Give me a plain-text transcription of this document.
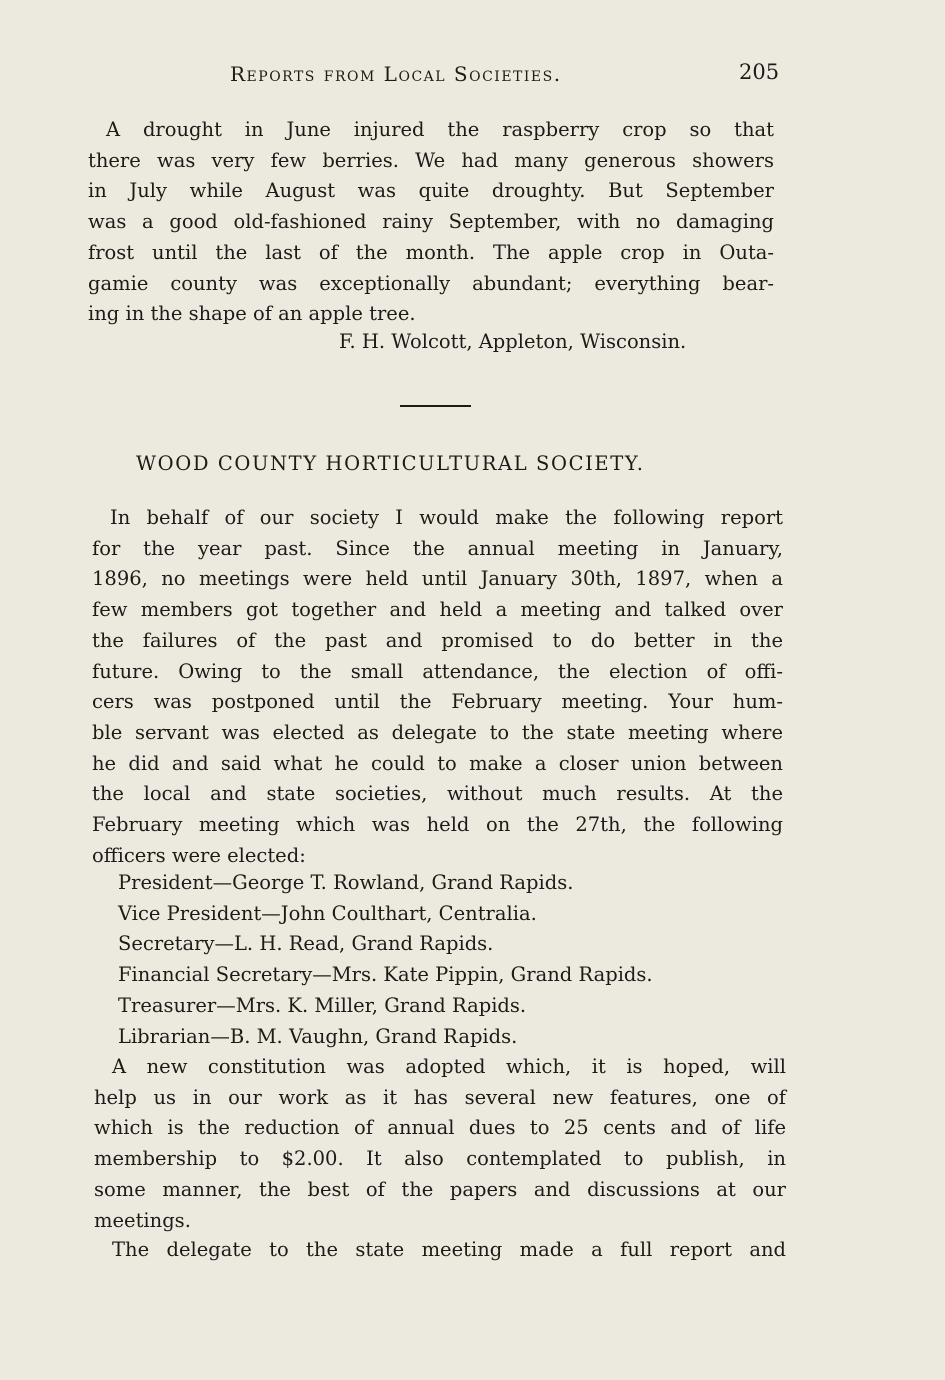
Reports from Local Societies.	205

A drought in June injured the raspberry crop so that
there was very few berries. We had many generous showers
in July while August was quite droughty. But September
was a good old-fashioned rainy September, with no damaging
frost until the last of the month. The apple crop in Outa-
gamie county was exceptionally abundant; everything bear-
ing in the shape of an apple tree.

F. H. Wolcott, Appleton, Wisconsin.
WOOD COUNTY HORTICULTURAL SOCIETY.

In behalf of our society I would make the following report
for the year past. Since the annual meeting in January,
1896, no meetings were held until January 30th, 1897, when a
few members got together and held a meeting and talked over
the failures of the past and promised to do better in the
future. Owing to the small attendance, the election of offi-
cers was postponed until the February meeting. Your hum-
ble servant was elected as delegate to the state meeting where
he did and said what he could to make a closer union between
the local and state societies, without much results. At the
February meeting which was held on the 27th, the following
officers were elected:

President—George T. Rowland, Grand Rapids.
Vice President—John Coulthart, Centralia.
Secretary—L. H. Read, Grand Rapids.
Financial Secretary—Mrs. Kate Pippin, Grand Rapids.
Treasurer—Mrs. K. Miller, Grand Rapids.
Librarian—B. M. Vaughn, Grand Rapids.

A new constitution was adopted which, it is hoped, will
help us in our work as it has several new features, one of
which is the reduction of annual dues to 25 cents and of life
membership to $2.00. It also contemplated to publish, in
some manner, the best of the papers and discussions at our
meetings.

The delegate to the state meeting made a full report and
